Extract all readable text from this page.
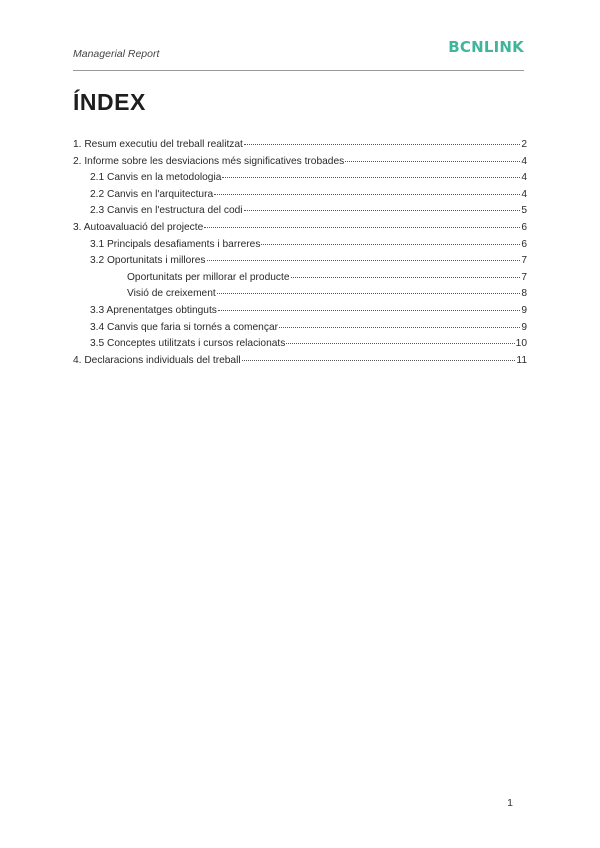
Managerial Report	BCNLINK
ÍNDEX
1. Resum executiu del treball realitzat	2
2. Informe sobre les desviacions més significatives trobades	4
2.1 Canvis en la metodologia	4
2.2 Canvis en l'arquitectura	4
2.3 Canvis en l'estructura del codi	5
3. Autoavaluació del projecte	6
3.1 Principals desafiaments i barreres	6
3.2 Oportunitats i millores	7
Oportunitats per millorar el producte	7
Visió de creixement	8
3.3 Aprenentatges obtinguts	9
3.4 Canvis que faria si tornés a començar	9
3.5 Conceptes utilitzats i cursos relacionats	10
4. Declaracions individuals del treball	11
1
